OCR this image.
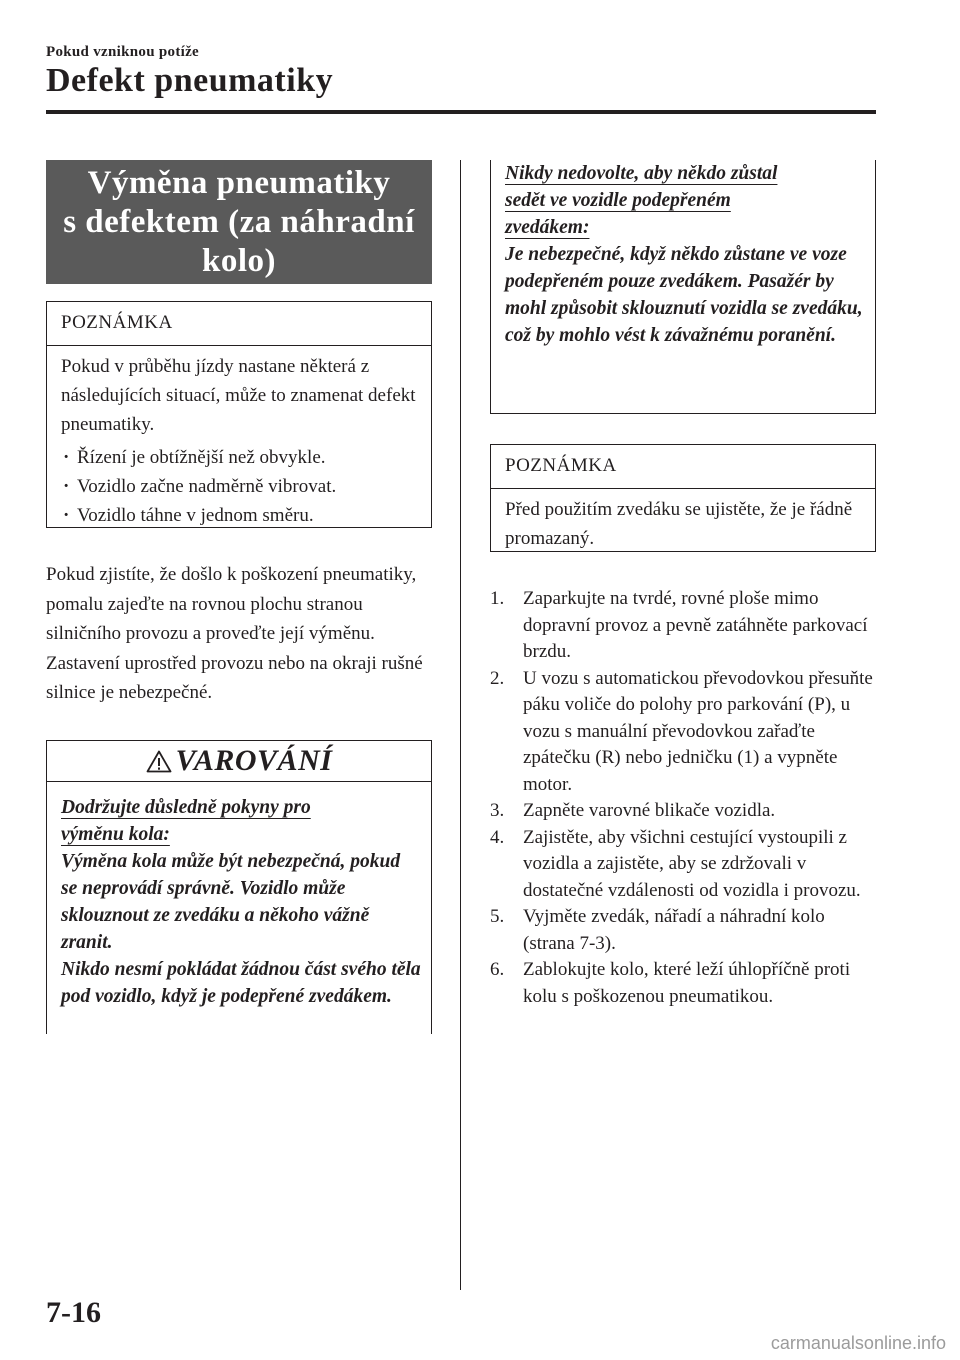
Pokud vzniknou potíže
Defekt pneumatiky
Výměna pneumatiky
s defektem (za náhradní
kolo)
POZNÁMKA
Pokud v průběhu jízdy nastane některá z následujících situací, může to znamenat defekt pneumatiky.
· Řízení je obtížnější než obvykle.
· Vozidlo začne nadměrně vibrovat.
· Vozidlo táhne v jednom směru.
Pokud zjistíte, že došlo k poškození pneumatiky, pomalu zajeďte na rovnou plochu stranou silničního provozu a proveďte její výměnu.
Zastavení uprostřed provozu nebo na okraji rušné silnice je nebezpečné.
VAROVÁNÍ
Dodržujte důsledně pokyny pro
výměnu kola:
Výměna kola může být nebezpečná, pokud se neprovádí správně. Vozidlo může sklouznout ze zvedáku a někoho vážně zranit.
Nikdo nesmí pokládat žádnou část svého těla pod vozidlo, když je podepřené zvedákem.
Nikdy nedovolte, aby někdo zůstal
sedět ve vozidle podepřeném
zvedákem:
Je nebezpečné, když někdo zůstane ve voze podepřeném pouze zvedákem. Pasažér by mohl způsobit sklouznutí vozidla se zvedáku, což by mohlo vést k závažnému poranění.
POZNÁMKA
Před použitím zvedáku se ujistěte, že je řádně promazaný.
1. Zaparkujte na tvrdé, rovné ploše mimo dopravní provoz a pevně zatáhněte parkovací brzdu.
2. U vozu s automatickou převodovkou přesuňte páku voliče do polohy pro parkování (P), u vozu s manuální převodovkou zařaďte zpátečku (R) nebo jedničku (1) a vypněte motor.
3. Zapněte varovné blikače vozidla.
4. Zajistěte, aby všichni cestující vystoupili z vozidla a zajistěte, aby se zdržovali v dostatečné vzdálenosti od vozidla i provozu.
5. Vyjměte zvedák, nářadí a náhradní kolo (strana 7-3).
6. Zablokujte kolo, které leží úhlopříčně proti kolu s poškozenou pneumatikou.
7-16
carmanualsonline.info
